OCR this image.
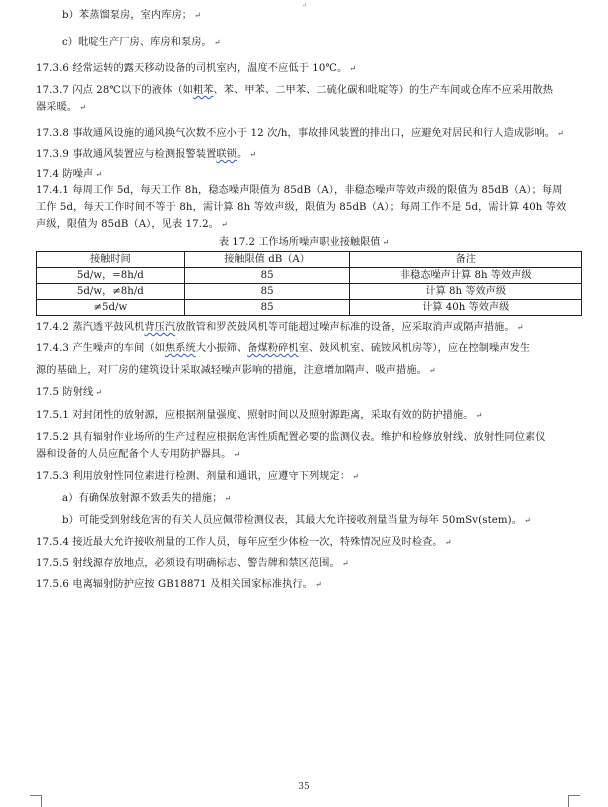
↵
b）苯蒸馏泵房，室内库房； ↵
c）吡啶生产厂房、库房和泵房。 ↵
17.3.6 经常运转的露天移动设备的司机室内，温度不应低于 10℃。 ↵
17.3.7 闪点 28℃以下的液体（如粗苯、苯、甲苯、二甲苯、二硫化碳和吡啶等）的生产车间或仓库不应采用散热
器采暖。 ↵
17.3.8 事故通风设施的通风换气次数不应小于 12 次/h，事故排风装置的排出口，应避免对居民和行人造成影响。 ↵
17.3.9 事故通风装置应与检测报警装置联锁。 ↵
17.4 防噪声 ↵
17.4.1 每周工作 5d，每天工作 8h，稳态噪声限值为 85dB（A），非稳态噪声等效声级的限值为 85dB（A）；每周
工作 5d，每天工作时间不等于 8h，需计算 8h 等效声级，限值为 85dB（A）；每周工作不是 5d，需计算 40h 等效
声级，限值为 85dB（A），见表 17.2。 ↵
表 17.2 工作场所噪声职业接触限值 ↵
接触时间	接触限值 dB（A）	备注
5d/w，=8h/d	85	非稳态噪声计算 8h 等效声级
5d/w，≠8h/d	85	计算 8h 等效声级
≠5d/w	85	计算 40h 等效声级
17.4.2 蒸汽透平鼓风机背压汽放散管和罗茨鼓风机等可能超过噪声标准的设备，应采取消声或隔声措施。 ↵
17.4.3 产生噪声的车间（如焦系统大小振筛、备煤粉碎机室、鼓风机室、硫铵风机房等），应在控制噪声发生
源的基础上，对厂房的建筑设计采取减轻噪声影响的措施，注意增加隔声、吸声措施。 ↵
17.5 防射线 ↵
17.5.1 对封闭性的放射源，应根据剂量强度、照射时间以及照射源距离，采取有效的防护措施。 ↵
17.5.2 具有辐射作业场所的生产过程应根据危害性质配置必要的监测仪表。维护和检修放射线、放射性同位素仪
器和设备的人员应配备个人专用防护器具。 ↵
17.5.3 利用放射性同位素进行检测、剂量和通讯，应遵守下列规定： ↵
a）有确保放射源不致丢失的措施； ↵
b）可能受到射线危害的有关人员应佩带检测仪表，其最大允许接收剂量当量为每年 50mSv(stem)。 ↵
17.5.4 接近最大允许接收剂量的工作人员，每年应至少体检一次，特殊情况应及时检查。 ↵
17.5.5 射线源存放地点，必须设有明确标志、警告牌和禁区范围。 ↵
17.5.6 电离辐射防护应按 GB18871 及相关国家标准执行。 ↵
35
